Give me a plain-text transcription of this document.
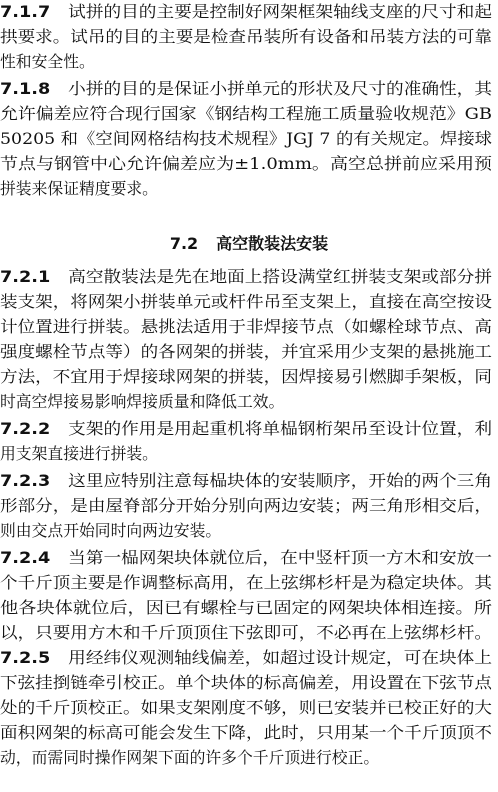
7.1.7 试拼的目的主要是控制好网架框架轴线支座的尺寸和起
拱要求。试吊的目的主要是检查吊装所有设备和吊装方法的可靠
性和安全性。
7.1.8 小拼的目的是保证小拼单元的形状及尺寸的准确性，其
允许偏差应符合现行国家《钢结构工程施工质量验收规范》GB
50205 和《空间网格结构技术规程》JGJ 7 的有关规定。焊接球
节点与钢管中心允许偏差应为±1.0mm。高空总拼前应采用预
拼装来保证精度要求。
7.2 高空散装法安装
7.2.1 高空散装法是先在地面上搭设满堂红拼装支架或部分拼
装支架，将网架小拼装单元或杆件吊至支架上，直接在高空按设
计位置进行拼装。悬挑法适用于非焊接节点（如螺栓球节点、高
强度螺栓节点等）的各网架的拼装，并宜采用少支架的悬挑施工
方法，不宜用于焊接球网架的拼装，因焊接易引燃脚手架板，同
时高空焊接易影响焊接质量和降低工效。
7.2.2 支架的作用是用起重机将单榀钢桁架吊至设计位置，利
用支架直接进行拼装。
7.2.3 这里应特别注意每榀块体的安装顺序，开始的两个三角
形部分，是由屋脊部分开始分别向两边安装；两三角形相交后，
则由交点开始同时向两边安装。
7.2.4 当第一榀网架块体就位后，在中竖杆顶一方木和安放一
个千斤顶主要是作调整标高用，在上弦绑杉杆是为稳定块体。其
他各块体就位后，因已有螺栓与已固定的网架块体相连接。所
以，只要用方木和千斤顶顶住下弦即可，不必再在上弦绑杉杆。
7.2.5 用经纬仪观测轴线偏差，如超过设计规定，可在块体上
下弦挂捯链牵引校正。单个块体的标高偏差，用设置在下弦节点
处的千斤顶校正。如果支架刚度不够，则已安装并已校正好的大
面积网架的标高可能会发生下降，此时，只用某一个千斤顶顶不
动，而需同时操作网架下面的许多个千斤顶进行校正。
